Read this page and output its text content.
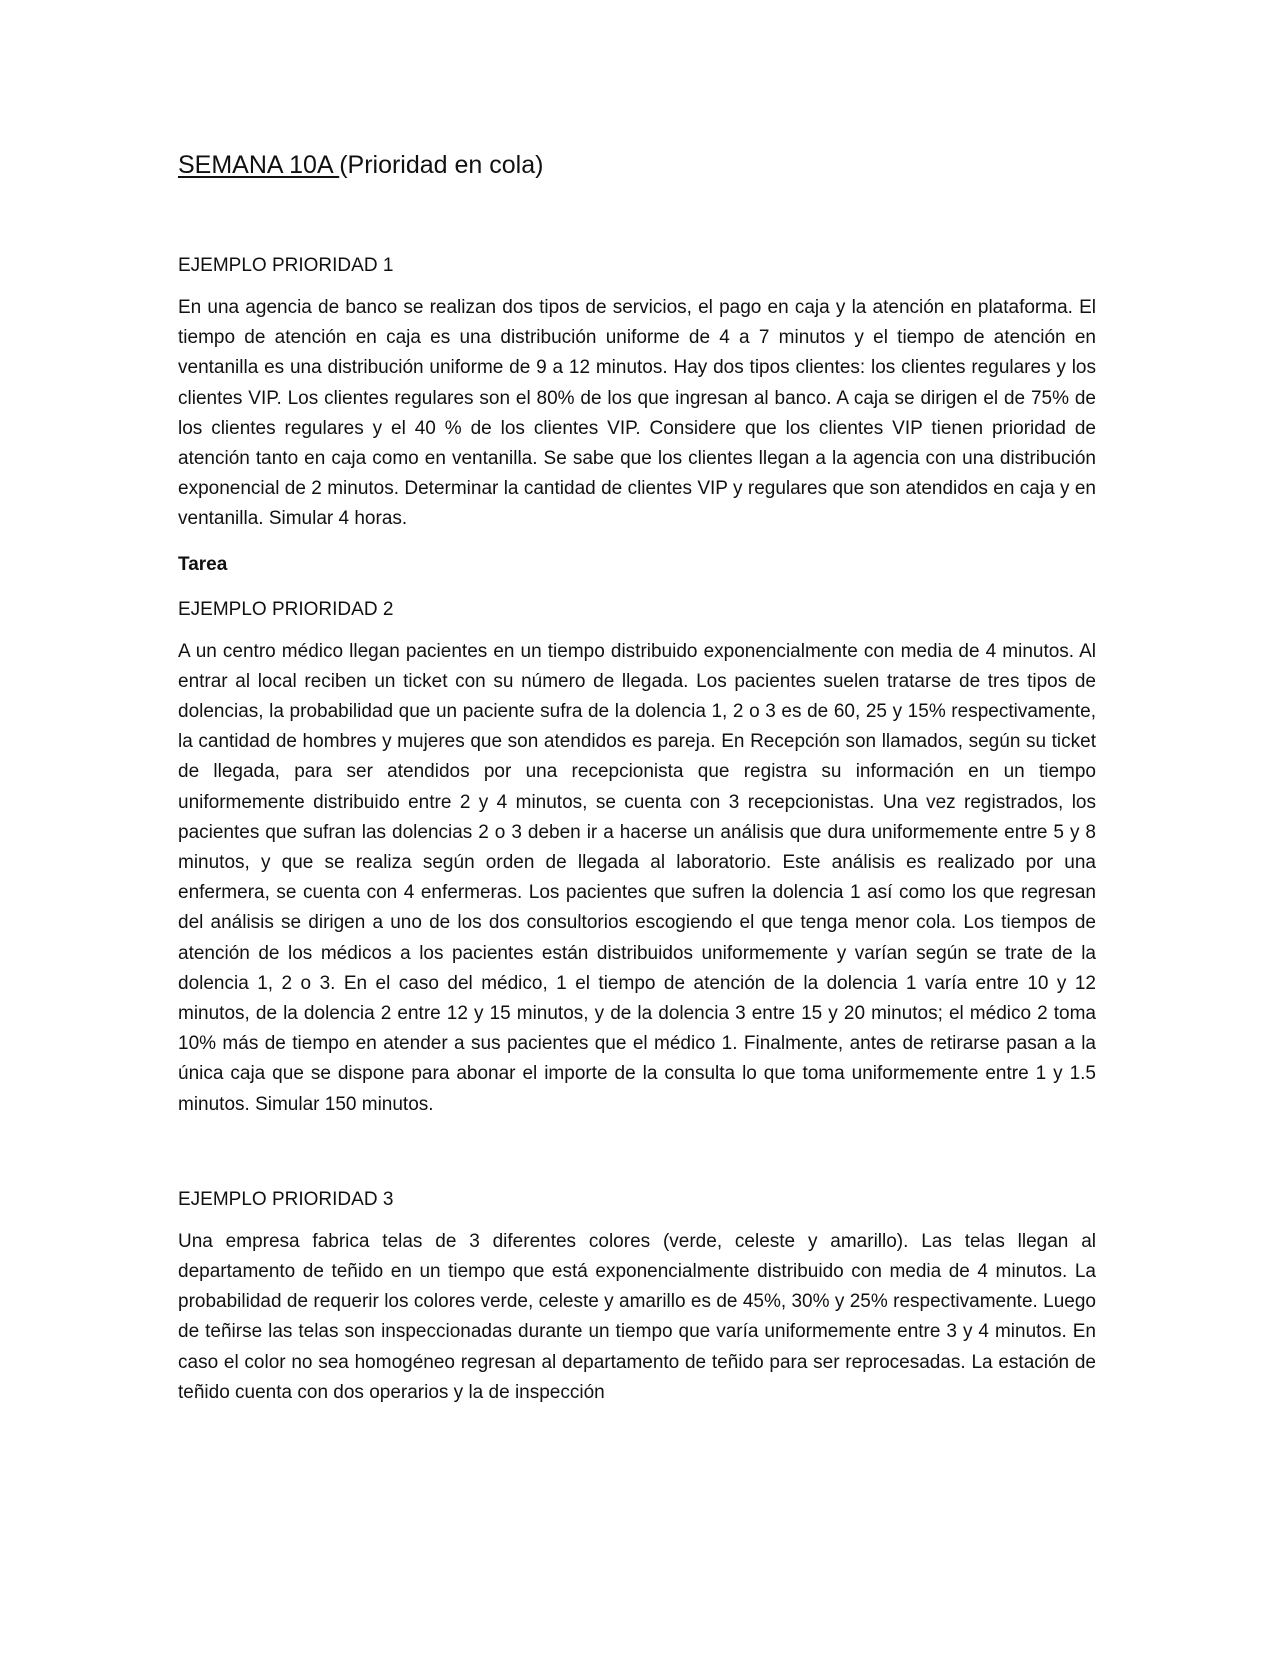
SEMANA 10A (Prioridad en cola)
EJEMPLO PRIORIDAD 1

En una agencia de banco se realizan dos tipos de servicios, el pago en caja y la atención en plataforma. El tiempo de atención en caja es una distribución uniforme de 4 a 7 minutos y el tiempo de atención en ventanilla es una distribución uniforme de 9 a 12 minutos. Hay dos tipos clientes: los clientes regulares y los clientes VIP. Los clientes regulares son el 80% de los que ingresan al banco. A caja se dirigen el de 75% de los clientes regulares y el 40 % de los clientes VIP. Considere que los clientes VIP tienen prioridad de atención tanto en caja como en ventanilla. Se sabe que los clientes llegan a la agencia con una distribución exponencial de 2 minutos. Determinar la cantidad de clientes VIP y regulares que son atendidos en caja y en ventanilla. Simular 4 horas.

Tarea
EJEMPLO PRIORIDAD 2

A un centro médico llegan pacientes en un tiempo distribuido exponencialmente con media de 4 minutos. Al entrar al local reciben un ticket con su número de llegada. Los pacientes suelen tratarse de tres tipos de dolencias, la probabilidad que un paciente sufra de la dolencia 1, 2 o 3 es de 60, 25 y 15% respectivamente, la cantidad de hombres y mujeres que son atendidos es pareja. En Recepción son llamados, según su ticket de llegada, para ser atendidos por una recepcionista que registra su información en un tiempo uniformemente distribuido entre 2 y 4 minutos, se cuenta con 3 recepcionistas. Una vez registrados, los pacientes que sufran las dolencias 2 o 3 deben ir a hacerse un análisis que dura uniformemente entre 5 y 8 minutos, y que se realiza según orden de llegada al laboratorio. Este análisis es realizado por una enfermera, se cuenta con 4 enfermeras. Los pacientes que sufren la dolencia 1 así como los que regresan del análisis se dirigen a uno de los dos consultorios escogiendo el que tenga menor cola. Los tiempos de atención de los médicos a los pacientes están distribuidos uniformemente y varían según se trate de la dolencia 1, 2 o 3. En el caso del médico, 1 el tiempo de atención de la dolencia 1 varía entre 10 y 12 minutos, de la dolencia 2 entre 12 y 15 minutos, y de la dolencia 3 entre 15 y 20 minutos; el médico 2 toma 10% más de tiempo en atender a sus pacientes que el médico 1. Finalmente, antes de retirarse pasan a la única caja que se dispone para abonar el importe de la consulta lo que toma uniformemente entre 1 y 1.5 minutos. Simular 150 minutos.

EJEMPLO PRIORIDAD 3

Una empresa fabrica telas de 3 diferentes colores (verde, celeste y amarillo). Las telas llegan al departamento de teñido en un tiempo que está exponencialmente distribuido con media de 4 minutos. La probabilidad de requerir los colores verde, celeste y amarillo es de 45%, 30% y 25% respectivamente. Luego de teñirse las telas son inspeccionadas durante un tiempo que varía uniformemente entre 3 y 4 minutos. En caso el color no sea homogéneo regresan al departamento de teñido para ser reprocesadas. La estación de teñido cuenta con dos operarios y la de inspección
